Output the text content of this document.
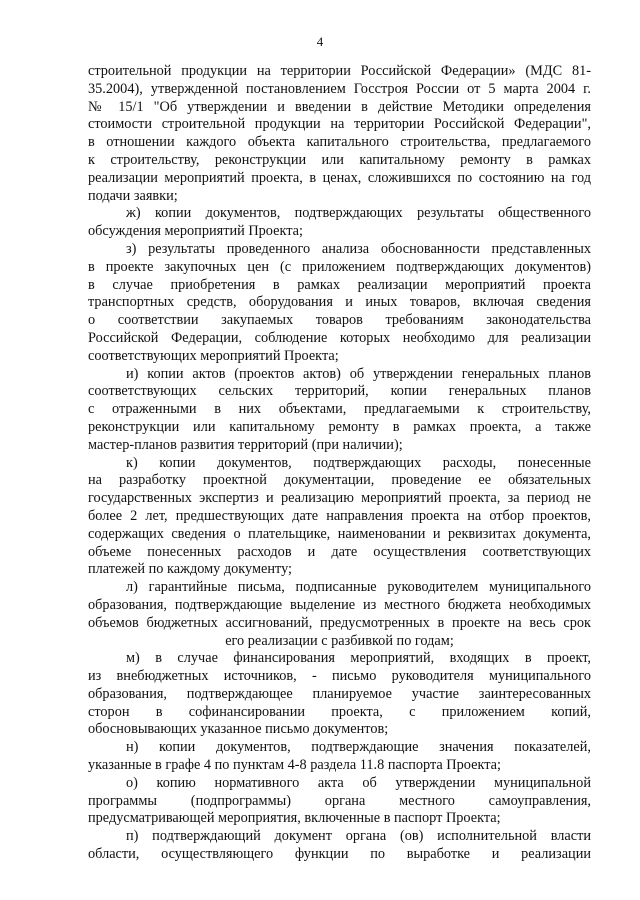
4
строительной продукции на территории Российской Федерации» (МДС 81-
35.2004), утвержденной постановлением Госстроя России от 5 марта 2004 г.
№ 15/1 "Об утверждении и введении в действие Методики определения
стоимости строительной продукции на территории Российской Федерации",
в отношении каждого объекта капитального строительства, предлагаемого
к строительству, реконструкции или капитальному ремонту в рамках
реализации мероприятий проекта, в ценах, сложившихся по состоянию на год
подачи заявки;
ж) копии документов, подтверждающих результаты общественного
обсуждения мероприятий Проекта;
з) результаты проведенного анализа обоснованности представленных
в проекте закупочных цен (с приложением подтверждающих документов)
в случае приобретения в рамках реализации мероприятий проекта
транспортных средств, оборудования и иных товаров, включая сведения
о соответствии закупаемых товаров требованиям законодательства
Российской Федерации, соблюдение которых необходимо для реализации
соответствующих мероприятий Проекта;
и) копии актов (проектов актов) об утверждении генеральных планов
соответствующих сельских территорий, копии генеральных планов
с отраженными в них объектами, предлагаемыми к строительству,
реконструкции или капитальному ремонту в рамках проекта, а также
мастер-планов развития территорий (при наличии);
к) копии документов, подтверждающих расходы, понесенные
на разработку проектной документации, проведение ее обязательных
государственных экспертиз и реализацию мероприятий проекта, за период не
более 2 лет, предшествующих дате направления проекта на отбор проектов,
содержащих сведения о плательщике, наименовании и реквизитах документа,
объеме понесенных расходов и дате осуществления соответствующих
платежей по каждому документу;
л) гарантийные письма, подписанные руководителем муниципального
образования, подтверждающие выделение из местного бюджета необходимых
объемов бюджетных ассигнований, предусмотренных в проекте на весь срок
его реализации с разбивкой по годам;
м) в случае финансирования мероприятий, входящих в проект,
из внебюджетных источников, - письмо руководителя муниципального
образования, подтверждающее планируемое участие заинтересованных
сторон в софинансировании проекта, с приложением копий,
обосновывающих указанное письмо документов;
н) копии документов, подтверждающие значения показателей,
указанные в графе 4 по пунктам 4-8 раздела 11.8 паспорта Проекта;
о) копию нормативного акта об утверждении муниципальной
программы (подпрограммы) органа местного самоуправления,
предусматривающей мероприятия, включенные в паспорт Проекта;
п) подтверждающий документ органа (ов) исполнительной власти
области, осуществляющего функции по выработке и реализации
